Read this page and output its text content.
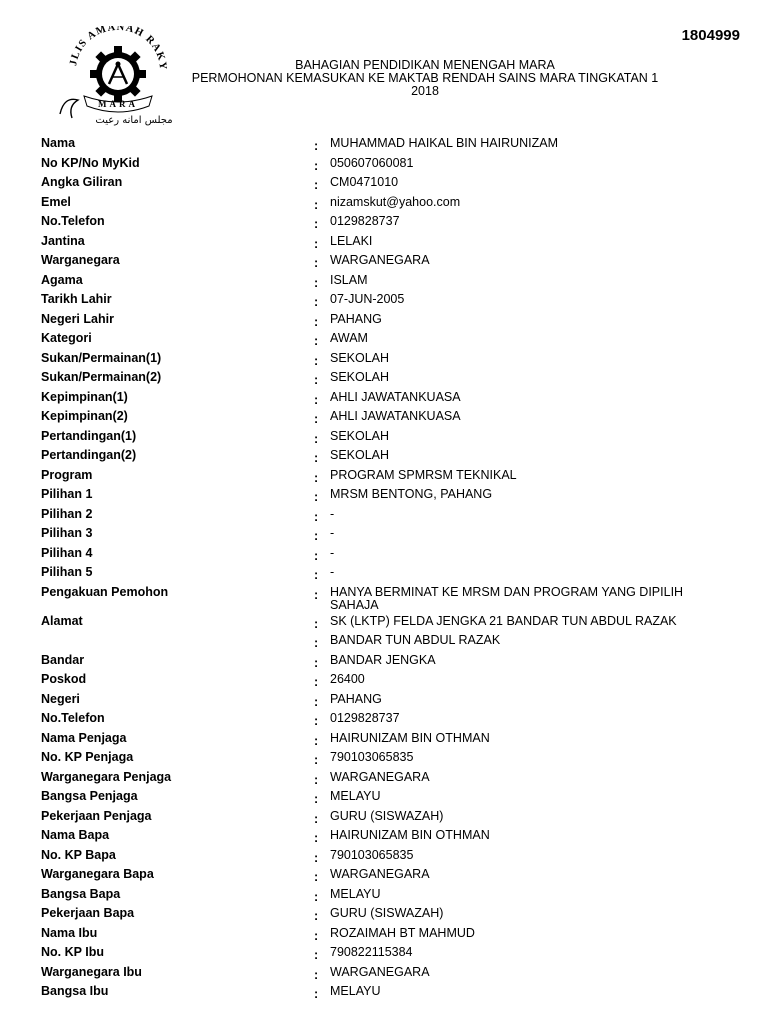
1804999
JLIS AMANAH RAKY
MARA
مجلس امانه رعيت
BAHAGIAN PENDIDIKAN MENENGAH MARA
PERMOHONAN KEMASUKAN KE MAKTAB RENDAH SAINS MARA TINGKATAN 1
2018
Nama	: MUHAMMAD HAIKAL BIN HAIRUNIZAM
No KP/No MyKid	: 050607060081
Angka Giliran	: CM0471010
Emel	: nizamskut@yahoo.com
No.Telefon	: 0129828737
Jantina	: LELAKI
Warganegara	: WARGANEGARA
Agama	: ISLAM
Tarikh Lahir	: 07-JUN-2005
Negeri Lahir	: PAHANG
Kategori	: AWAM
Sukan/Permainan(1)	: SEKOLAH
Sukan/Permainan(2)	: SEKOLAH
Kepimpinan(1)	: AHLI JAWATANKUASA
Kepimpinan(2)	: AHLI JAWATANKUASA
Pertandingan(1)	: SEKOLAH
Pertandingan(2)	: SEKOLAH
Program	: PROGRAM SPMRSM TEKNIKAL
Pilihan 1	: MRSM BENTONG, PAHANG
Pilihan 2	: -
Pilihan 3	: -
Pilihan 4	: -
Pilihan 5	: -
Pengakuan Pemohon	: HANYA BERMINAT KE MRSM DAN PROGRAM YANG DIPILIH SAHAJA
Alamat	: SK (LKTP) FELDA JENGKA 21 BANDAR TUN ABDUL RAZAK
: BANDAR TUN ABDUL RAZAK
Bandar	: BANDAR JENGKA
Poskod	: 26400
Negeri	: PAHANG
No.Telefon	: 0129828737
Nama Penjaga	: HAIRUNIZAM BIN OTHMAN
No. KP Penjaga	: 790103065835
Warganegara Penjaga	: WARGANEGARA
Bangsa Penjaga	: MELAYU
Pekerjaan Penjaga	: GURU (SISWAZAH)
Nama Bapa	: HAIRUNIZAM BIN OTHMAN
No. KP Bapa	: 790103065835
Warganegara Bapa	: WARGANEGARA
Bangsa Bapa	: MELAYU
Pekerjaan Bapa	: GURU (SISWAZAH)
Nama Ibu	: ROZAIMAH BT MAHMUD
No. KP Ibu	: 790822115384
Warganegara Ibu	: WARGANEGARA
Bangsa Ibu	: MELAYU
